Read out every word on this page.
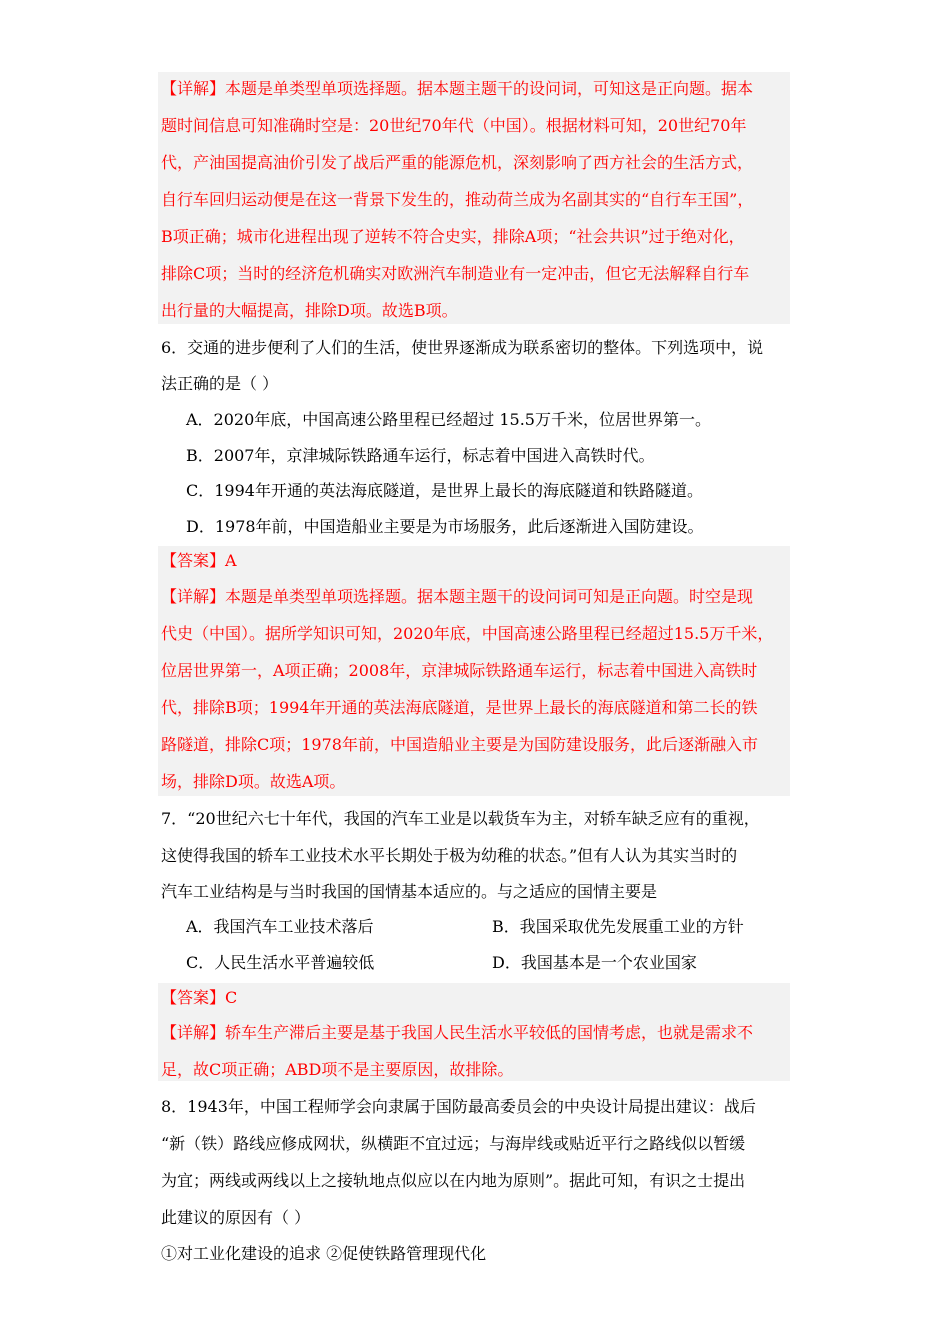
【详解】本题是单类型单项选择题。据本题主题干的设问词，可知这是正向题。据本
题时间信息可知准确时空是：20世纪70年代（中国）。根据材料可知，20世纪70年
代，产油国提高油价引发了战后严重的能源危机，深刻影响了西方社会的生活方式，
自行车回归运动便是在这一背景下发生的，推动荷兰成为名副其实的“自行车王国”，
B项正确；城市化进程出现了逆转不符合史实，排除A项；“社会共识”过于绝对化，
排除C项；当时的经济危机确实对欧洲汽车制造业有一定冲击，但它无法解释自行车
出行量的大幅提高，排除D项。故选B项。
6．交通的进步便利了人们的生活，使世界逐渐成为联系密切的整体。下列选项中，说
法正确的是（ ）
A．2020年底，中国高速公路里程已经超过 15.5万千米，位居世界第一。
B．2007年，京津城际铁路通车运行，标志着中国进入高铁时代。
C．1994年开通的英法海底隧道，是世界上最长的海底隧道和铁路隧道。
D．1978年前，中国造船业主要是为市场服务，此后逐渐进入国防建设。
【答案】A
【详解】本题是单类型单项选择题。据本题主题干的设问词可知是正向题。时空是现
代史（中国）。据所学知识可知，2020年底，中国高速公路里程已经超过15.5万千米，
位居世界第一，A项正确；2008年，京津城际铁路通车运行，标志着中国进入高铁时
代，排除B项；1994年开通的英法海底隧道，是世界上最长的海底隧道和第二长的铁
路隧道，排除C项；1978年前，中国造船业主要是为国防建设服务，此后逐渐融入市
场，排除D项。故选A项。
7．“20世纪六七十年代，我国的汽车工业是以载货车为主，对轿车缺乏应有的重视，
这使得我国的轿车工业技术水平长期处于极为幼稚的状态。”但有人认为其实当时的
汽车工业结构是与当时我国的国情基本适应的。与之适应的国情主要是
A．我国汽车工业技术落后	B．我国采取优先发展重工业的方针
C．人民生活水平普遍较低	D．我国基本是一个农业国家
【答案】C
【详解】轿车生产滞后主要是基于我国人民生活水平较低的国情考虑，也就是需求不
足，故C项正确；ABD项不是主要原因，故排除。
8．1943年，中国工程师学会向隶属于国防最高委员会的中央设计局提出建议：战后
“新（铁）路线应修成网状，纵横距不宜过远；与海岸线或贴近平行之路线似以暂缓
为宜；两线或两线以上之接轨地点似应以在内地为原则”。据此可知，有识之士提出
此建议的原因有（ ）
①对工业化建设的追求 ②促使铁路管理现代化
